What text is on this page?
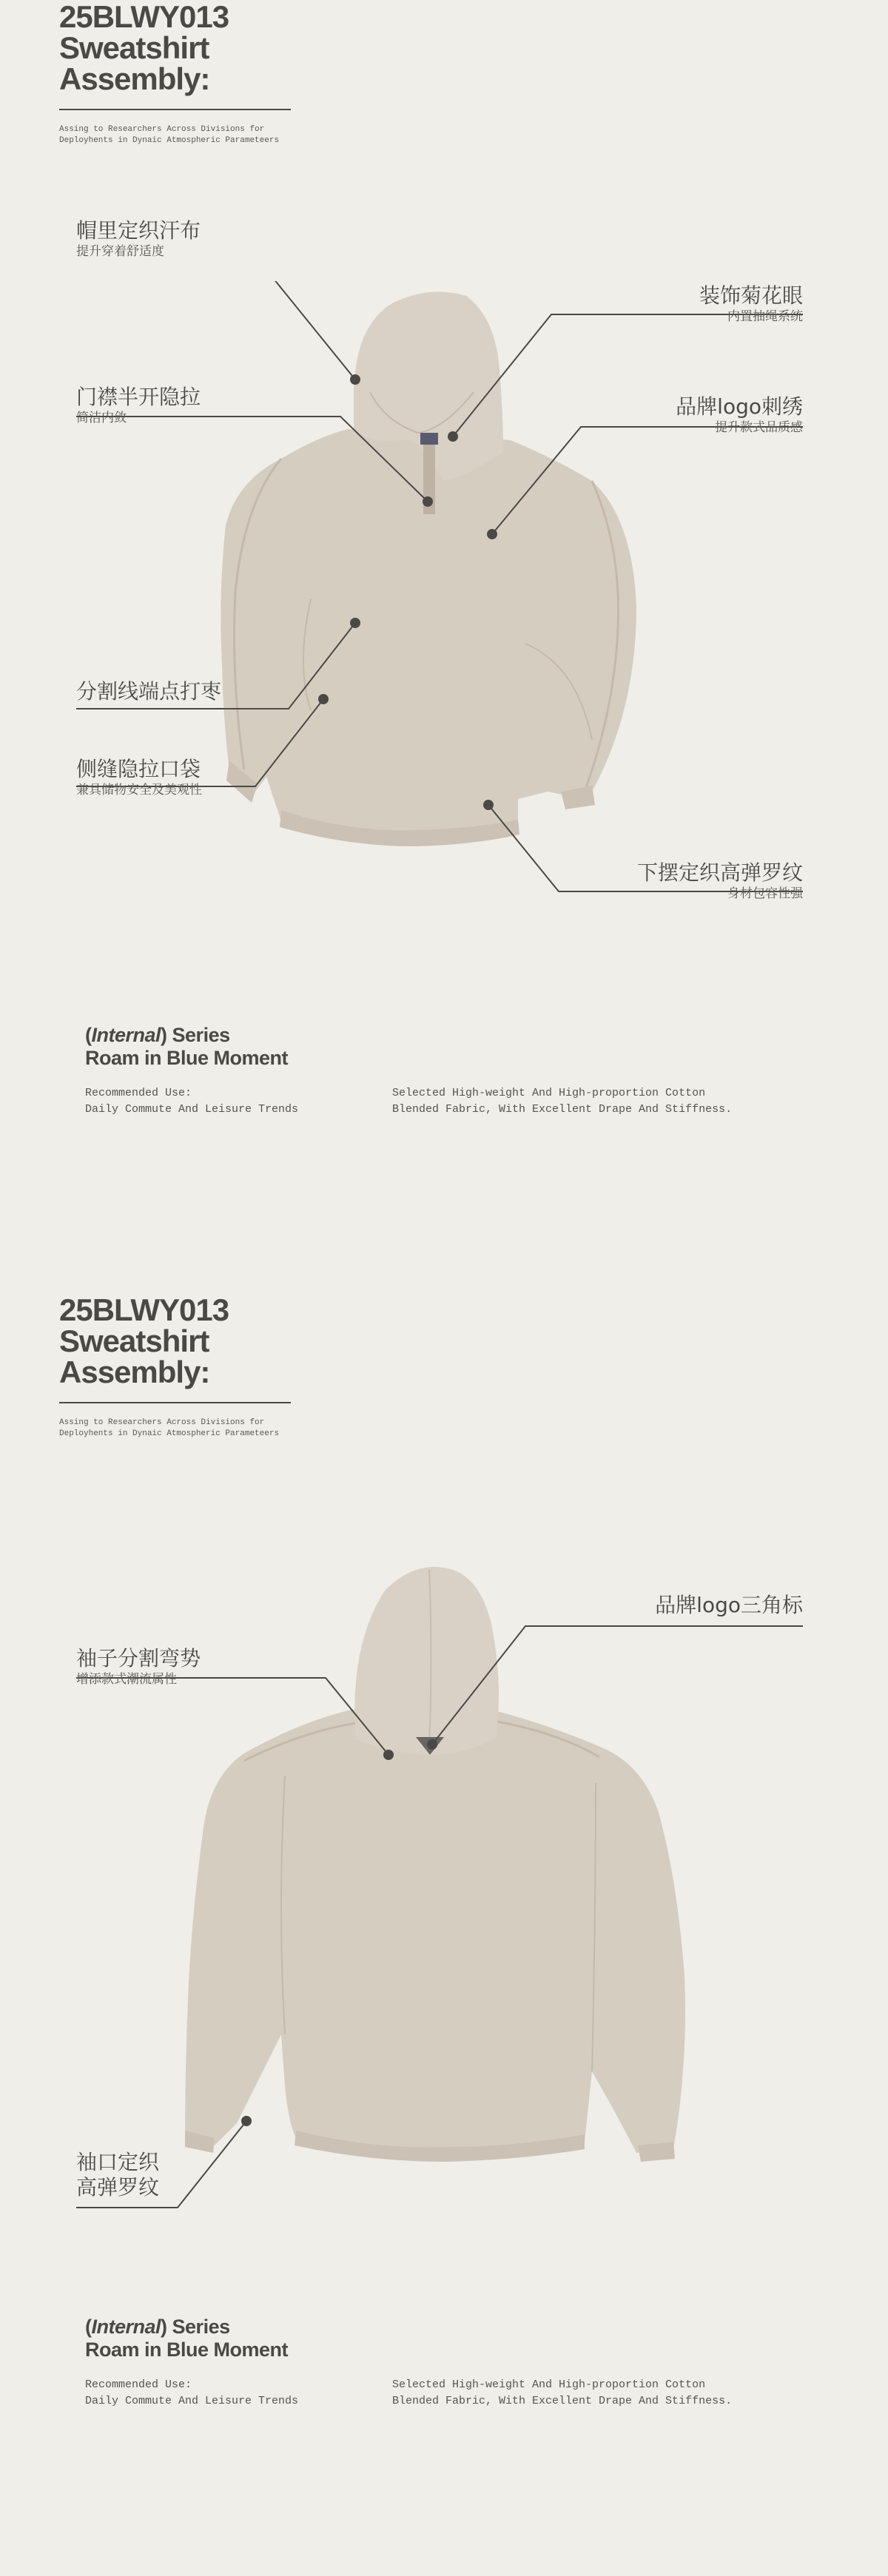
25BLWY013
Sweatshirt
Assembly:
Assing to Researchers Across Divisions for
Deployhents in Dynaic Atmospheric Parameteers
帽里定织汗布
提升穿着舒适度
装饰菊花眼
内置抽绳系统
门襟半开隐拉
简洁内敛	品牌logo刺绣
提升款式品质感
分割线端点打枣
侧缝隐拉口袋
兼具储物安全及美观性
下摆定织高弹罗纹
身材包容性强
(Internal) Series
Roam in Blue Moment
Recommended Use:
Daily Commute And Leisure Trends
Selected High-weight And High-proportion Cotton
Blended Fabric, With Excellent Drape And Stiffness.
25BLWY013
Sweatshirt
Assembly:
Assing to Researchers Across Divisions for
Deployhents in Dynaic Atmospheric Parameteers
品牌logo三角标
袖子分割弯势
增添款式潮流属性
袖口定织
高弹罗纹
(Internal) Series
Roam in Blue Moment
Recommended Use:
Daily Commute And Leisure Trends
Selected High-weight And High-proportion Cotton
Blended Fabric, With Excellent Drape And Stiffness.
